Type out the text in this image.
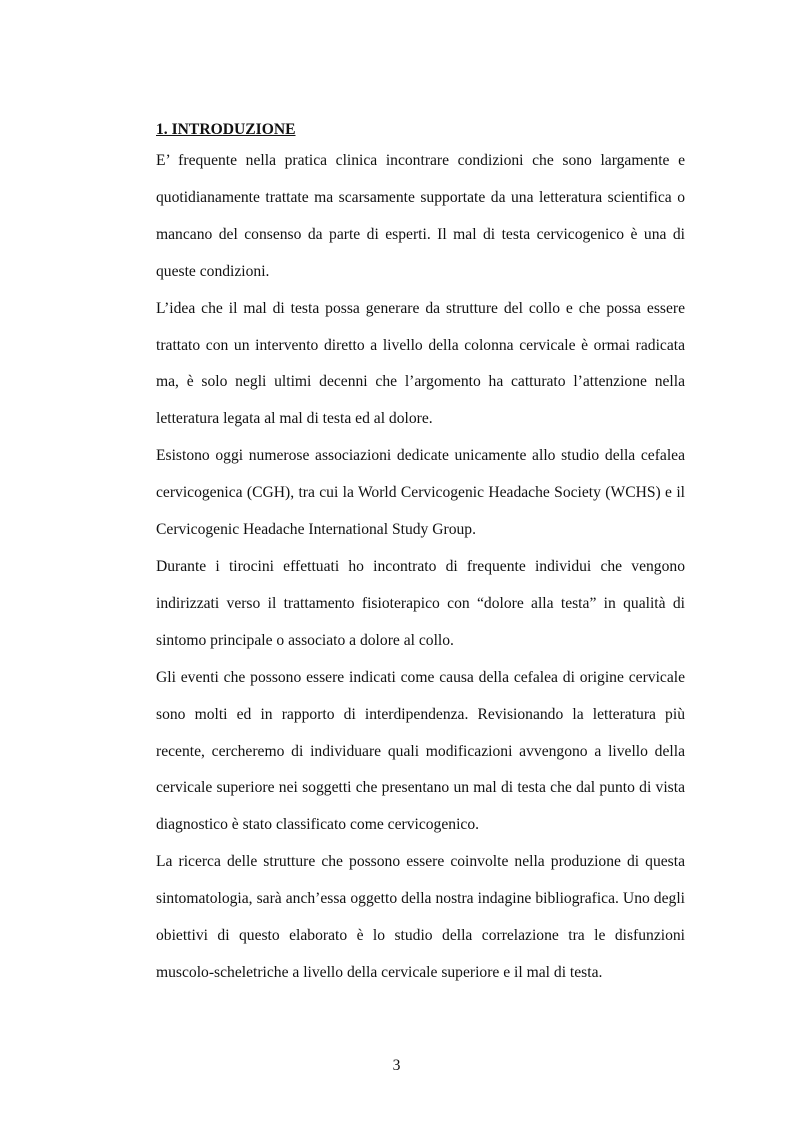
1. INTRODUZIONE

E’ frequente nella pratica clinica incontrare condizioni che sono largamente e quotidianamente trattate ma scarsamente supportate da una letteratura scientifica o mancano del consenso da parte di esperti. Il mal di testa cervicogenico è una di queste condizioni.

L’idea che il mal di testa possa generare da strutture del collo e che possa essere trattato con un intervento diretto a livello della colonna cervicale è ormai radicata ma, è solo negli ultimi decenni che l’argomento ha catturato l’attenzione nella letteratura legata al mal di testa ed al dolore.

Esistono oggi numerose associazioni dedicate unicamente allo studio della cefalea cervicogenica (CGH), tra cui la World Cervicogenic Headache Society (WCHS) e il Cervicogenic Headache International Study Group.

Durante i tirocini effettuati ho incontrato di frequente individui che vengono indirizzati verso il trattamento fisioterapico con “dolore alla testa” in qualità di sintomo principale o associato a dolore al collo.

Gli eventi che possono essere indicati come causa della cefalea di origine cervicale sono molti ed in rapporto di interdipendenza. Revisionando la letteratura più recente, cercheremo di individuare quali modificazioni avvengono a livello della cervicale superiore nei soggetti che presentano un mal di testa che dal punto di vista diagnostico è stato classificato come cervicogenico.

La ricerca delle strutture che possono essere coinvolte nella produzione di questa sintomatologia, sarà anch’essa oggetto della nostra indagine bibliografica. Uno degli obiettivi di questo elaborato è lo studio della correlazione tra le disfunzioni muscolo-scheletriche a livello della cervicale superiore e il mal di testa.

3
